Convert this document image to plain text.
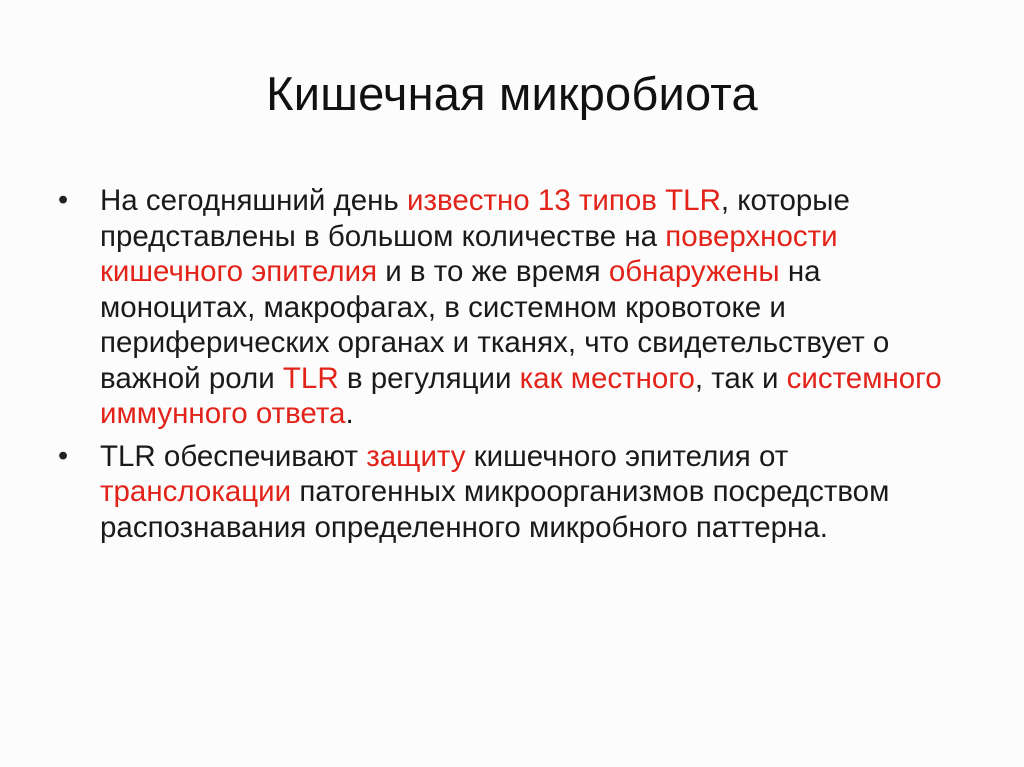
Кишечная микробиота
•	На сегодняшний день известно 13 типов TLR, которые представлены в большом количестве на поверхности кишечного эпителия и в то же время обнаружены на моноцитах, макрофагах, в системном кровотоке и периферических органах и тканях, что свидетельствует о важной роли TLR в регуляции как местного, так и системного иммунного ответа.
•	TLR обеспечивают защиту кишечного эпителия от транслокации патогенных микроорганизмов посредством распознавания определенного микробного паттерна.
